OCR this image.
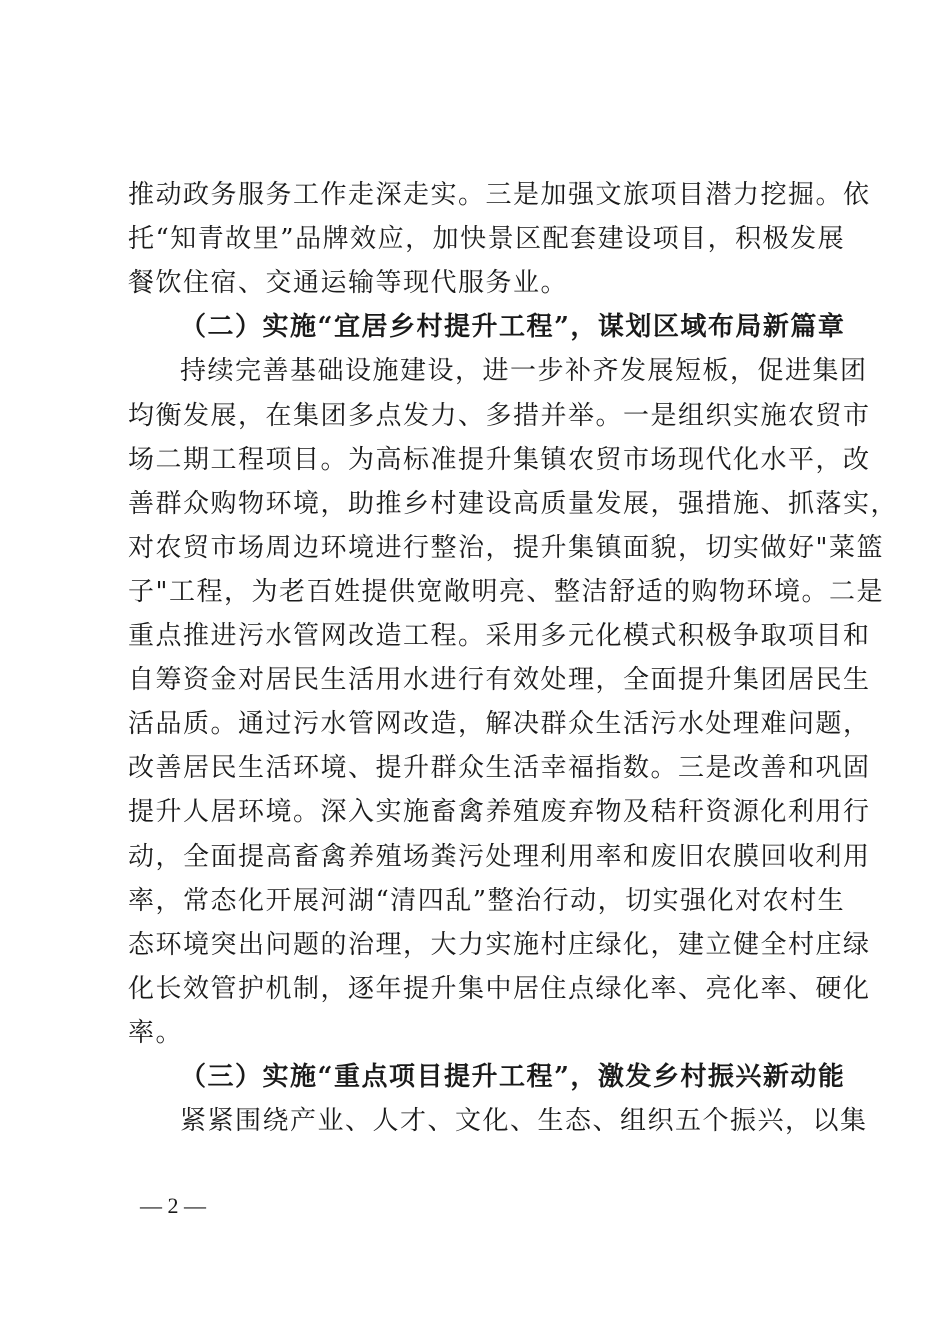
— 2 —
推动政务服务工作走深走实。三是加强文旅项目潜力挖掘。依
托“知青故里”品牌效应，加快景区配套建设项目，积极发展
餐饮住宿、交通运输等现代服务业。
（二）实施“宜居乡村提升工程”，谋划区域布局新篇章
持续完善基础设施建设，进一步补齐发展短板，促进集团
均衡发展，在集团多点发力、多措并举。一是组织实施农贸市
场二期工程项目。为高标准提升集镇农贸市场现代化水平，改
善群众购物环境，助推乡村建设高质量发展，强措施、抓落实，
对农贸市场周边环境进行整治，提升集镇面貌，切实做好"菜篮
子"工程，为老百姓提供宽敞明亮、整洁舒适的购物环境。二是
重点推进污水管网改造工程。采用多元化模式积极争取项目和
自筹资金对居民生活用水进行有效处理，全面提升集团居民生
活品质。通过污水管网改造，解决群众生活污水处理难问题，
改善居民生活环境、提升群众生活幸福指数。三是改善和巩固
提升人居环境。深入实施畜禽养殖废弃物及秸秆资源化利用行
动，全面提高畜禽养殖场粪污处理利用率和废旧农膜回收利用
率，常态化开展河湖“清四乱”整治行动，切实强化对农村生
态环境突出问题的治理，大力实施村庄绿化，建立健全村庄绿
化长效管护机制，逐年提升集中居住点绿化率、亮化率、硬化
率。
（三）实施“重点项目提升工程”，激发乡村振兴新动能
紧紧围绕产业、人才、文化、生态、组织五个振兴，以集
